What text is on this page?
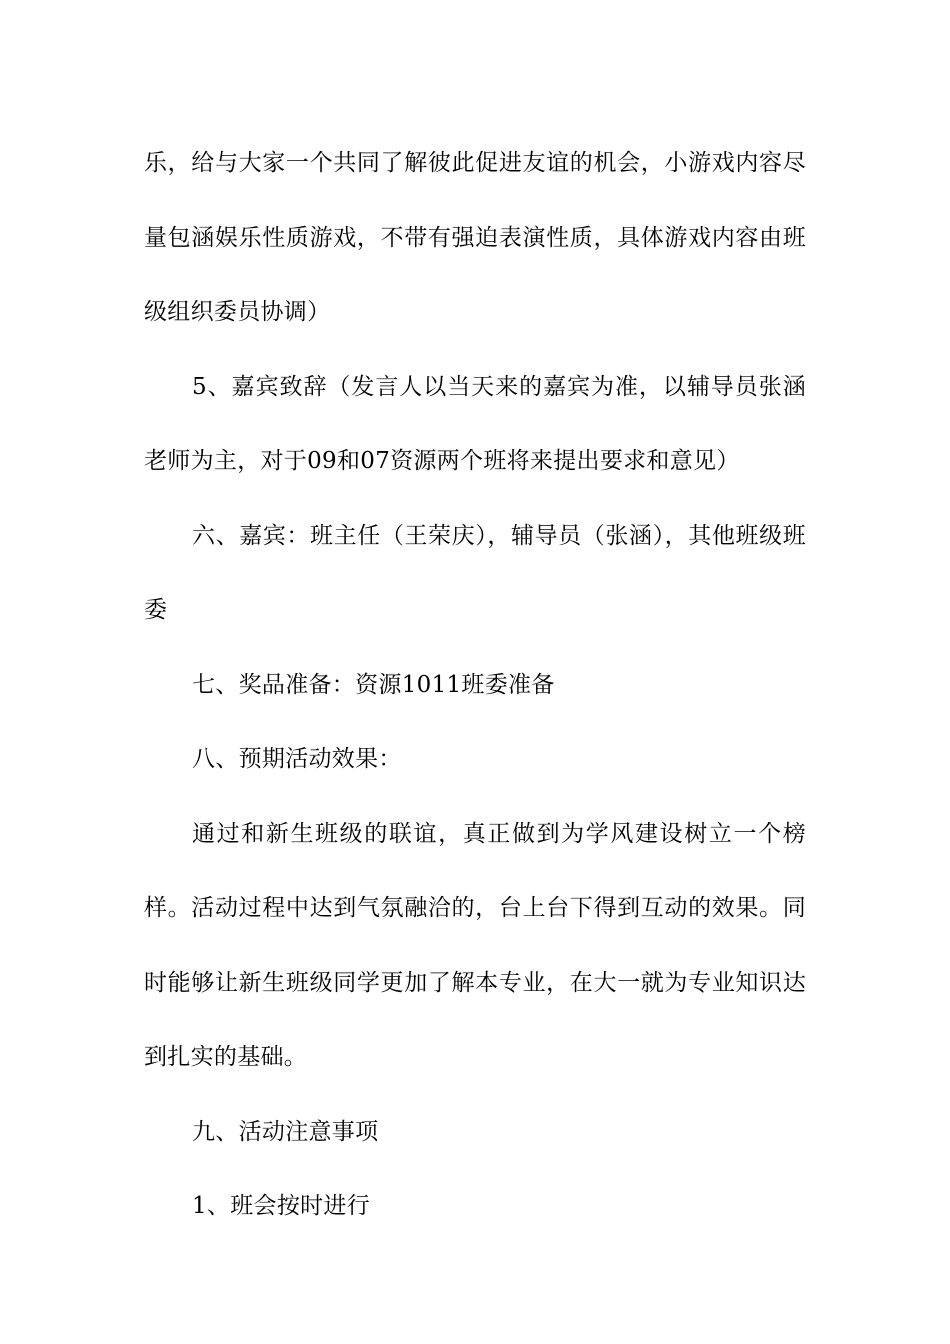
乐，给与大家一个共同了解彼此促进友谊的机会，小游戏内容尽量包涵娱乐性质游戏，不带有强迫表演性质，具体游戏内容由班级组织委员协调）

5、嘉宾致辞（发言人以当天来的嘉宾为准，以辅导员张涵老师为主，对于09和07资源两个班将来提出要求和意见）

六、嘉宾：班主任（王荣庆），辅导员（张涵），其他班级班委

七、奖品准备：资源1011班委准备

八、预期活动效果：

通过和新生班级的联谊，真正做到为学风建设树立一个榜样。活动过程中达到气氛融洽的，台上台下得到互动的效果。同时能够让新生班级同学更加了解本专业，在大一就为专业知识达到扎实的基础。

九、活动注意事项

1、班会按时进行
